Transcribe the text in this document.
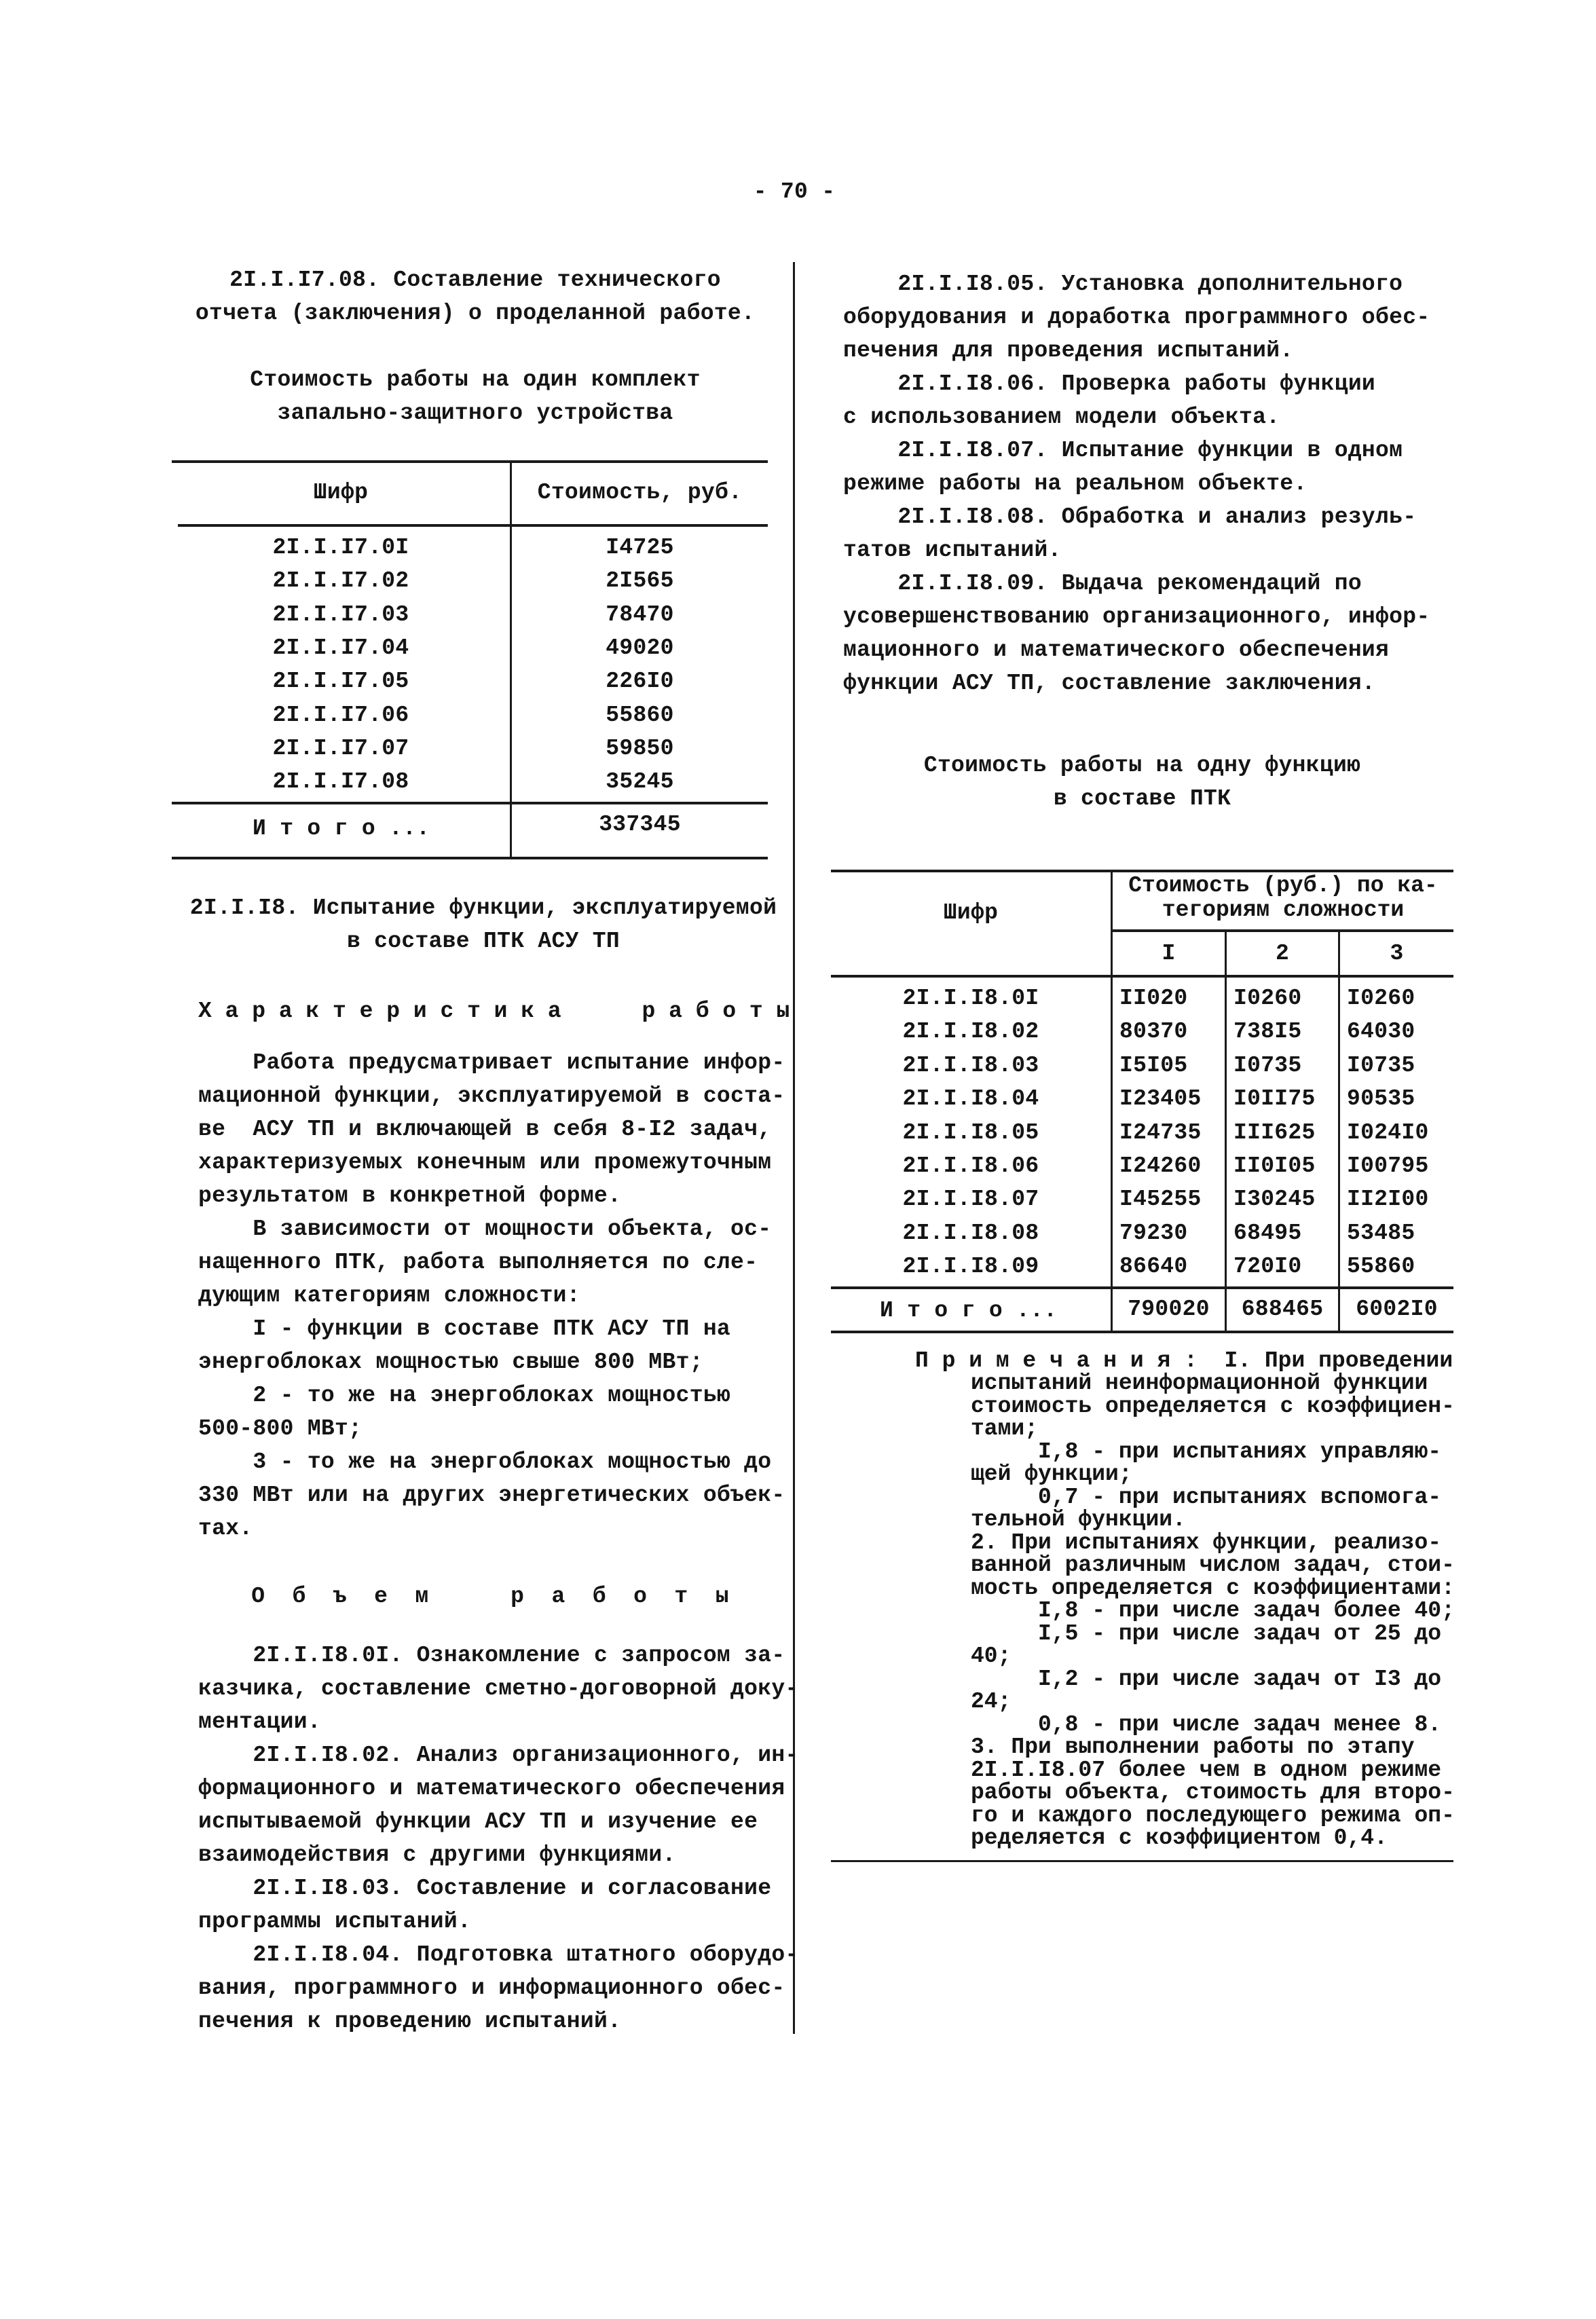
- 70 -
2I.I.I7.08. Составление технического
отчета (заключения) о проделанной работе.
Стоимость работы на один комплект
запально-защитного устройства
Шифр	Стоимость, руб.
2I.I.I7.0I	I4725
2I.I.I7.02	2I565
2I.I.I7.03	78470
2I.I.I7.04	49020
2I.I.I7.05	226I0
2I.I.I7.06	55860
2I.I.I7.07	59850
2I.I.I7.08	35245
И т о г о ...	337345
2I.I.I8. Испытание функции, эксплуатируемой
в составе ПТК АСУ ТП
Х а р а к т е р и с т и к а      р а б о т ы
Работа предусматривает испытание инфор-
мационной функции, эксплуатируемой в соста-
ве  АСУ ТП и включающей в себя 8-I2 задач,
характеризуемых конечным или промежуточным
результатом в конкретной форме.
В зависимости от мощности объекта, ос-
нащенного ПТК, работа выполняется по сле-
дующим категориям сложности:
I - функции в составе ПТК АСУ ТП на
энергоблоках мощностью свыше 800 МВт;
2 - то же на энергоблоках мощностью
500-800 МВт;
3 - то же на энергоблоках мощностью до
330 МВт или на других энергетических объек-
тах.
О  б  ъ  е  м      р  а  б  о  т  ы
2I.I.I8.0I. Ознакомление с запросом за-
казчика, составление сметно-договорной доку-
ментации.
2I.I.I8.02. Анализ организационного, ин-
формационного и математического обеспечения
испытываемой функции АСУ ТП и изучение ее
взаимодействия с другими функциями.
2I.I.I8.03. Составление и согласование
программы испытаний.
2I.I.I8.04. Подготовка штатного оборудо-
вания, программного и информационного обес-
печения к проведению испытаний.
2I.I.I8.05. Установка дополнительного
оборудования и доработка программного обес-
печения для проведения испытаний.
2I.I.I8.06. Проверка работы функции
с использованием модели объекта.
2I.I.I8.07. Испытание функции в одном
режиме работы на реальном объекте.
2I.I.I8.08. Обработка и анализ резуль-
татов испытаний.
2I.I.I8.09. Выдача рекомендаций по
усовершенствованию организационного, инфор-
мационного и математического обеспечения
функции АСУ ТП, составление заключения.
Стоимость работы на одну функцию
в составе ПТК
Шифр
Стоимость (руб.) по ка-
тегориям сложности
I	2	3
2I.I.I8.0I	II020	I0260	I0260
2I.I.I8.02	80370	738I5	64030
2I.I.I8.03	I5I05	I0735	I0735
2I.I.I8.04	I23405	I0II75	90535
2I.I.I8.05	I24735	III625	I024I0
2I.I.I8.06	I24260	II0I05	I00795
2I.I.I8.07	I45255	I30245	II2I00
2I.I.I8.08	79230	68495	53485
2I.I.I8.09	86640	720I0	55860
И т о г о ...	790020	688465	6002I0
П р и м е ч а н и я :  I. При проведении
испытаний неинформационной функции
стоимость определяется с коэффициен-
тами;
I,8 - при испытаниях управляю-
щей функции;
0,7 - при испытаниях вспомога-
тельной функции.
2. При испытаниях функции, реализо-
ванной различным числом задач, стои-
мость определяется с коэффициентами:
I,8 - при числе задач более 40;
I,5 - при числе задач от 25 до
40;
I,2 - при числе задач от I3 до
24;
0,8 - при числе задач менее 8.
3. При выполнении работы по этапу
2I.I.I8.07 более чем в одном режиме
работы объекта, стоимость для второ-
го и каждого последующего режима оп-
ределяется с коэффициентом 0,4.
